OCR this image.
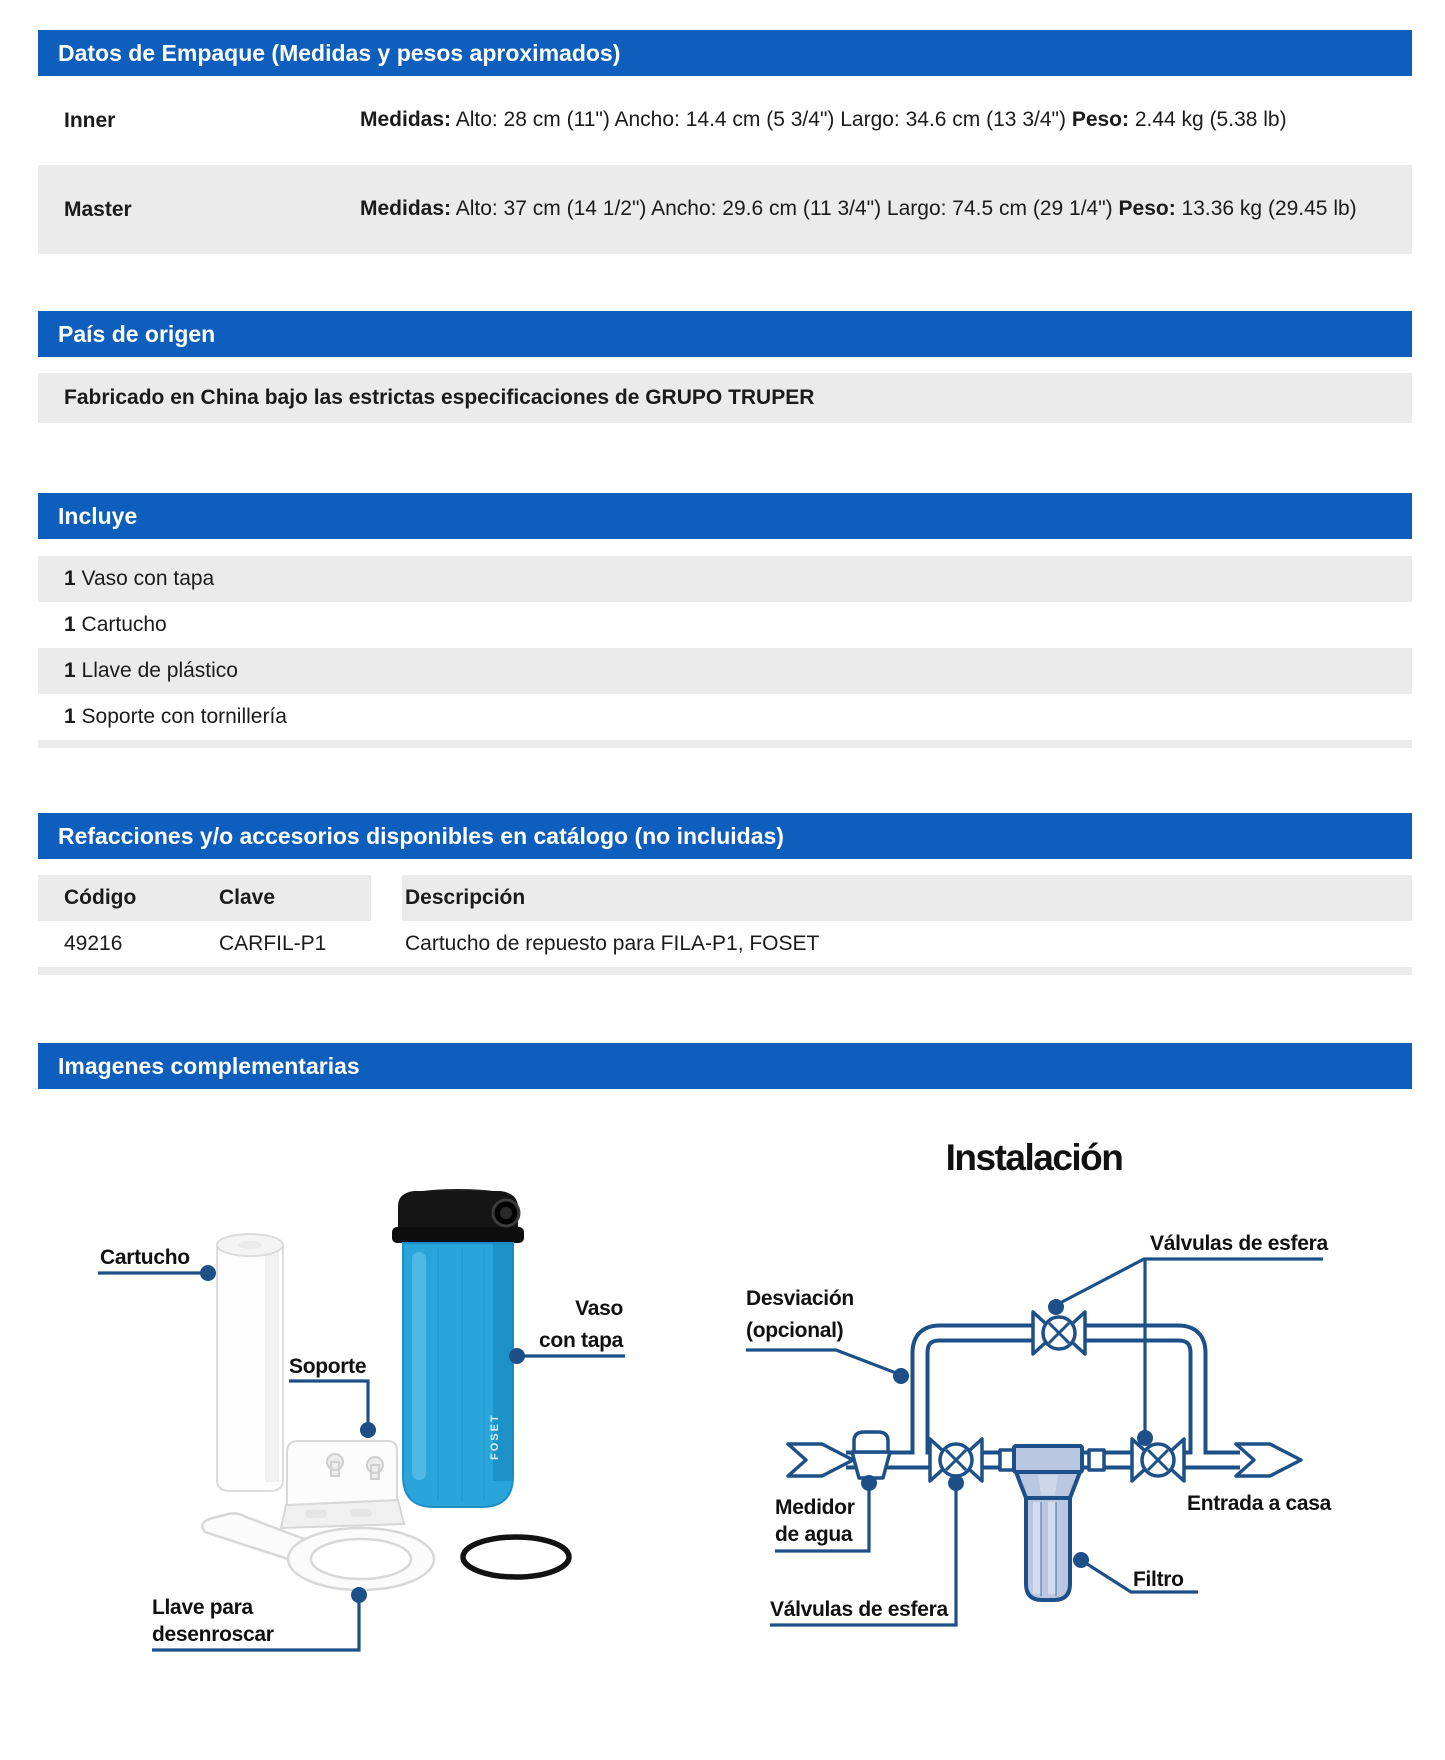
Datos de Empaque (Medidas y pesos aproximados)
Inner	Medidas: Alto: 28 cm (11") Ancho: 14.4 cm (5 3/4") Largo: 34.6 cm (13 3/4") Peso: 2.44 kg (5.38 lb)
Master	Medidas: Alto: 37 cm (14 1/2") Ancho: 29.6 cm (11 3/4") Largo: 74.5 cm (29 1/4") Peso: 13.36 kg (29.45 lb)
País de origen
Fabricado en China bajo las estrictas especificaciones de GRUPO TRUPER
Incluye
1 Vaso con tapa
1 Cartucho
1 Llave de plástico
1 Soporte con tornillería
Refacciones y/o accesorios disponibles en catálogo (no incluidas)
Código	Clave	Descripción
49216	CARFIL-P1	Cartucho de repuesto para FILA-P1, FOSET
Imagenes complementarias
FOSET
Cartucho
Soporte
Vaso
con tapa
Llave para
desenroscar
Instalación
Válvulas de esfera
Desviación
(opcional)
Medidor
de agua
Válvulas de esfera
Filtro
Entrada a casa
